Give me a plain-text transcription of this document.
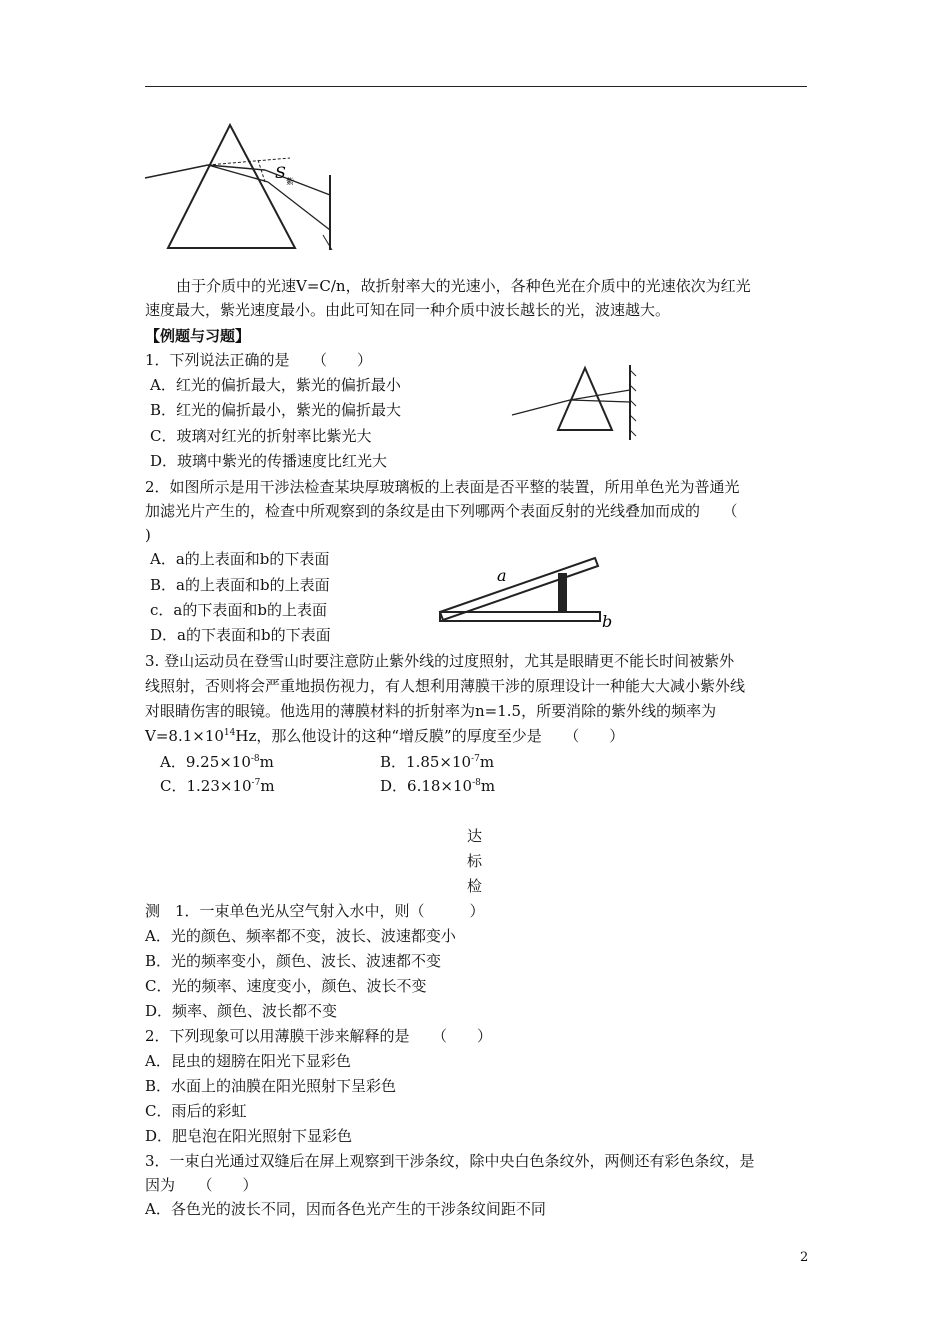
S 紫
由于介质中的光速V=C/n，故折射率大的光速小，各种色光在介质中的光速依次为红光
速度最大，紫光速度最小。由此可知在同一种介质中波长越长的光，波速越大。
【例题与习题】
1．下列说法正确的是　　（　　）
A．红光的偏折最大，紫光的偏折最小
B．红光的偏折最小，紫光的偏折最大
C．玻璃对红光的折射率比紫光大
D．玻璃中紫光的传播速度比红光大
2．如图所示是用干涉法检查某块厚玻璃板的上表面是否平整的装置，所用单色光为普通光
加滤光片产生的，检查中所观察到的条纹是由下列哪两个表面反射的光线叠加而成的　　（
)
A．a的上表面和b的下表面
B．a的上表面和b的上表面
c．a的下表面和b的上表面
D．a的下表面和b的下表面
a
b
3. 登山运动员在登雪山时要注意防止紫外线的过度照射，尤其是眼睛更不能长时间被紫外
线照射，否则将会严重地损伤视力，有人想利用薄膜干涉的原理设计一种能大大减小紫外线
对眼睛伤害的眼镜。他选用的薄膜材料的折射率为n=1.5，所要消除的紫外线的频率为
$V=8.1\times 10^{14}Hz$，那么他设计的这种“增反膜”的厚度至少是　　（　　）
A．$9.25\times 10^{-8}m$	B．$1.85\times 10^{-7}m$
C．$1.23\times 10^{-7}m$	D．$6.18\times 10^{-8}m$
达
标
检
测 1．一束单色光从空气射入水中，则（　　　）
A．光的颜色、频率都不变，波长、波速都变小
B．光的频率变小，颜色、波长、波速都不变
C．光的频率、速度变小，颜色、波长不变
D．频率、颜色、波长都不变
2．下列现象可以用薄膜干涉来解释的是　　（　　）
A．昆虫的翅膀在阳光下显彩色
B．水面上的油膜在阳光照射下呈彩色
C．雨后的彩虹
D．肥皂泡在阳光照射下显彩色
3．一束白光通过双缝后在屏上观察到干涉条纹，除中央白色条纹外，两侧还有彩色条纹，是
因为　　（　　）
A．各色光的波长不同，因而各色光产生的干涉条纹间距不同
2
